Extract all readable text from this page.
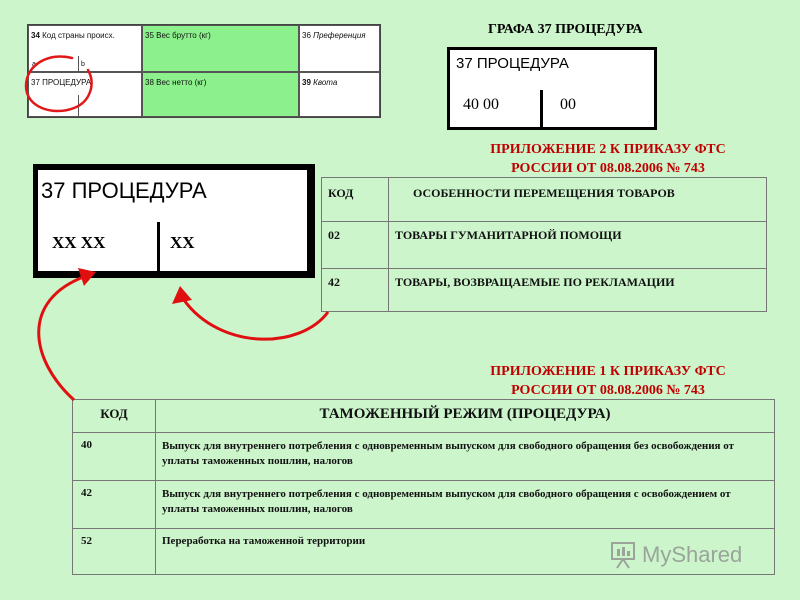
34 Код страны происх.
a	b
35 Вес брутто (кг)	36 Преференция
37 ПРОЦЕДУРА	38 Вес нетто (кг)	39 Квота
ГРАФА 37 ПРОЦЕДУРА
37 ПРОЦЕДУРА
40 00	00
ПРИЛОЖЕНИЕ 2 К ПРИКАЗУ ФТС РОССИИ ОТ 08.08.2006 № 743
37 ПРОЦЕДУРА
XX XX	XX
КОД	ОСОБЕННОСТИ ПЕРЕМЕЩЕНИЯ ТОВАРОВ
02	ТОВАРЫ ГУМАНИТАРНОЙ ПОМОЩИ
42	ТОВАРЫ, ВОЗВРАЩАЕМЫЕ ПО РЕКЛАМАЦИИ
ПРИЛОЖЕНИЕ 1 К ПРИКАЗУ ФТС РОССИИ ОТ 08.08.2006 № 743
КОД	ТАМОЖЕННЫЙ РЕЖИМ (ПРОЦЕДУРА)
40	Выпуск для внутреннего потребления с одновременным выпуском для свободного обращения без освобождения от уплаты таможенных пошлин, налогов
42	Выпуск для внутреннего потребления с одновременным выпуском для свободного обращения с освобождением от уплаты таможенных пошлин, налогов
52	Переработка на таможенной территории
MyShared
